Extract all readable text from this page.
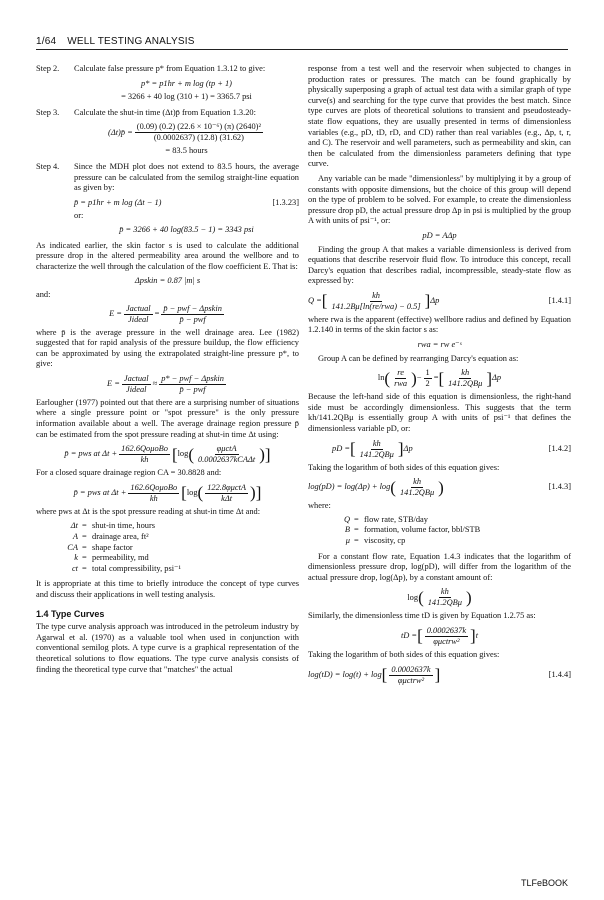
1/64 WELL TESTING ANALYSIS
Step 2.	Calculate false pressure p* from Equation 1.3.12 to give:

p* = p1hr + m log (tp + 1)
= 3266 + 40 log (310 + 1) = 3365.7 psi
Step 3.	Calculate the shut-in time (Δt)p̄ from Equation 1.3.20:

(Δt)p̄ = $\frac{\text{(0.09) (0.2) (22.6 × 10⁻⁶) (π) (2640)²}}{(0.0002637) (12.8) (31.62)}$
= 83.5 hours
Step 4.	Since the MDH plot does not extend to 83.5 hours, the average pressure can be calculated from the semilog straight-line equation as given by:

p̄ = p1hr + m log (Δt − 1)	[1.3.23]
or:
p̄ = 3266 + 40 log(83.5 − 1) = 3343 psi

As indicated earlier, the skin factor s is used to calculate the additional pressure drop in the altered permeability area around the wellbore and to characterize the well through the calculation of the flow coefficient E. That is:

Δpskin = 0.87 |m| s
and:
$E = \frac{\text{Jactual}}{\text{Jideal}} = \frac{\text{p̄ − pwf − Δpskin}}{\text{p̄ − pwf}}$

where p̄ is the average pressure in the well drainage area. Lee (1982) suggested that for rapid analysis of the pressure buildup, the flow efficiency can be approximated by using the extrapolated straight-line pressure p*, to give:

$E = \frac{\text{Jactual}}{\text{Jideal}} \approx \frac{\text{p* − pwf − Δpskin}}{\text{p̄ − pwf}}$

Earlougher (1977) pointed out that there are a surprising number of situations where a single pressure point or "spot pressure" is the only pressure information available about a well. The average drainage region pressure p̄ can be estimated from the spot pressure reading at shut-in time Δt using:

p̄ = pws at $\Delta t + \frac{\text{162.6QoμoBo}}{kh}$ [ log ( $\frac{\text{φμctA}}{\text{0.0002637kCAΔt}}$ )]

For a closed square drainage region CA = 30.8828 and:

p̄ = pws at $\Delta t + \frac{\text{162.6QoμoBo}}{kh}$ [ log ( $\frac{\text{122.8φμctA}}{\text{kΔt}}$ )]

where pws at Δt is the spot pressure reading at shut-in time Δt and:

Δt = shut-in time, hours
A = drainage area, ft²
CA = shape factor
k = permeability, md
ct = total compressibility, psi⁻¹

It is appropriate at this time to briefly introduce the concept of type curves and discuss their applications in well testing analysis.

1.4 Type Curves

The type curve analysis approach was introduced in the petroleum industry by Agarwal et al. (1970) as a valuable tool when used in conjunction with conventional semilog plots. A type curve is a graphical representation of the theoretical solutions to flow equations. The type curve analysis consists of finding the theoretical type curve that "matches" the actual

response from a test well and the reservoir when subjected to changes in production rates or pressures. The match can be found graphically by physically superposing a graph of actual test data with a similar graph of type curve(s) and searching for the type curve that provides the best match. Since type curves are plots of theoretical solutions to transient and pseudosteady-state flow equations, they are usually presented in terms of dimensionless variables (e.g., pD, tD, rD, and CD) rather than real variables (e.g., Δp, t, r, and C). The reservoir and well parameters, such as permeability and skin, can then be calculated from the dimensionless parameters defining that type curve.

Any variable can be made "dimensionless" by multiplying it by a group of constants with opposite dimensions, but the choice of this group will depend on the type of problem to be solved. For example, to create the dimensionless pressure drop pD, the actual pressure drop Δp in psi is multiplied by the group A with units of psi⁻¹, or:

pD = AΔp

Finding the group A that makes a variable dimensionless is derived from equations that describe reservoir fluid flow. To introduce this concept, recall Darcy's equation that describes radial, incompressible, steady-state flow as expressed by:

Q = [ $\frac{kh}{\text{141.2Bμ[ln(re/rwa) − 0.5]}}$ ] Δp	[1.4.1]

where rwa is the apparent (effective) wellbore radius and defined by Equation 1.2.140 in terms of the skin factor s as:

rwa = rw e⁻ˢ

Group A can be defined by rearranging Darcy's equation as:

ln ( $\frac{re}{\text{rwa}}$ ) − $\frac{1}{2}$ = [ $\frac{kh}{\text{141.2QBμ}}$ ] Δp

Because the left-hand side of this equation is dimensionless, the right-hand side must be accordingly dimensionless. This suggests that the term kh/141.2QBμ is essentially group A with units of psi⁻¹ that defines the dimensionless variable pD, or:

pD = [ $\frac{kh}{\text{141.2QBμ}}$ ] Δp	[1.4.2]

Taking the logarithm of both sides of this equation gives:

log(pD) = log(Δp) + log ( $\frac{kh}{\text{141.2QBμ}}$ )	[1.4.3]
where:
Q = flow rate, STB/day
B = formation, volume factor, bbl/STB
μ = viscosity, cp

For a constant flow rate, Equation 1.4.3 indicates that the logarithm of dimensionless pressure drop, log(pD), will differ from the logarithm of the actual pressure drop, log(Δp), by a constant amount of:

log ( $\frac{kh}{\text{141.2QBμ}}$ )

Similarly, the dimensionless time tD is given by Equation 1.2.75 as:

tD = [ $\frac{0.0002637k}{\text{φμctrw²}}$ ] t

Taking the logarithm of both sides of this equation gives:

log(tD) = log(t) + log [ $\frac{0.0002637k}{\text{φμctrw²}}$ ]	[1.4.4]
TLFeBOOK
